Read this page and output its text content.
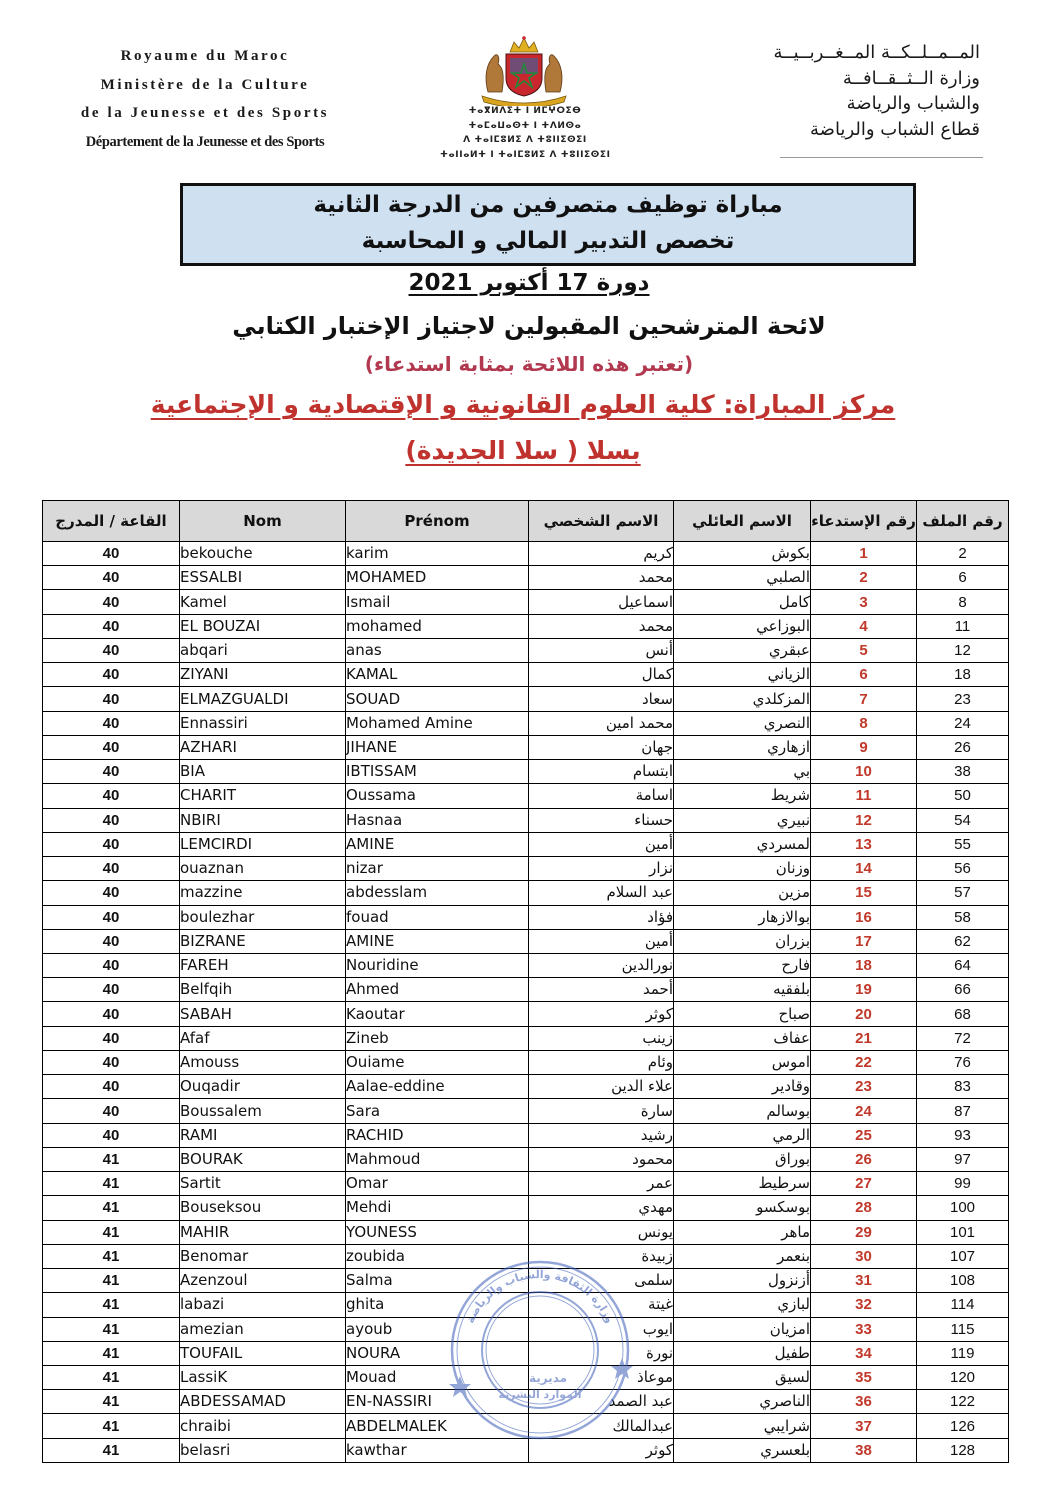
Royaume du Maroc
Ministère de la Culture
de la Jeunesse et des Sports
Département de la Jeunesse et des Sports
ⵜⴰⴳⵍⴷⵉⵜ ⵏ ⵍⵎⵖⵔⵉⴱ
ⵜⴰⵎⴰⵡⴰⵙⵜ ⵏ ⵜⴷⵍⵙⴰ
ⴷ ⵜⴰⵏⵎⵓⵍⵉ ⴷ ⵜⵓⵏⵏⵉⵙⵉⵏ
ⵜⴰⵏⵏⴰⵍⵜ ⵏ ⵜⴰⵏⵎⵓⵍⵉ ⴷ ⵜⵓⵏⵏⵉⵙⵉⵏ
المــمــلــكــة المــغــربــيــة
وزارة الــثــقــافــة
والشباب والرياضة
قطاع الشباب والرياضة
مباراة توظيف متصرفين من الدرجة الثانية
تخصص التدبير المالي و المحاسبة
دورة 17 أكتوبر 2021
لائحة المترشحين المقبولين لاجتياز الإختبار الكتابي
(تعتبر هذه اللائحة بمثابة استدعاء)
مركز المباراة: كلية العلوم القانونية و الإقتصادية و الإجتماعية
بسلا ( سلا الجديدة)
القاعة / المدرج	Nom	Prénom	الاسم الشخصي	الاسم العائلي	رقم الإستدعاء	رقم الملف
40	bekouche	karim	كريم	بكوش	1	2
40	ESSALBI	MOHAMED	محمد	الصلبي	2	6
40	Kamel	Ismail	اسماعيل	كامل	3	8
40	EL BOUZAI	mohamed	محمد	البوزاعي	4	11
40	abqari	anas	أنس	عبقري	5	12
40	ZIYANI	KAMAL	كمال	الزياني	6	18
40	ELMAZGUALDI	SOUAD	سعاد	المزكلدي	7	23
40	Ennassiri	Mohamed Amine	محمد امين	النصري	8	24
40	AZHARI	JIHANE	جهان	ازهاري	9	26
40	BIA	IBTISSAM	ابتسام	بي	10	38
40	CHARIT	Oussama	اسامة	شريط	11	50
40	NBIRI	Hasnaa	حسناء	نبيري	12	54
40	LEMCIRDI	AMINE	أمين	لمسردي	13	55
40	ouaznan	nizar	نزار	وزنان	14	56
40	mazzine	abdesslam	عبد السلام	مزين	15	57
40	boulezhar	fouad	فؤاد	بوالازهار	16	58
40	BIZRANE	AMINE	أمين	بزران	17	62
40	FAREH	Nouridine	نورالدين	فارح	18	64
40	Belfqih	Ahmed	أحمد	بلفقيه	19	66
40	SABAH	Kaoutar	كوثر	صباح	20	68
40	Afaf	Zineb	زينب	عفاف	21	72
40	Amouss	Ouiame	وئام	اموس	22	76
40	Ouqadir	Aalae-eddine	علاء الدين	وقادير	23	83
40	Boussalem	Sara	سارة	بوسالم	24	87
40	RAMI	RACHID	رشيد	الرمي	25	93
41	BOURAK	Mahmoud	محمود	بوراق	26	97
41	Sartit	Omar	عمر	سرطيط	27	99
41	Bouseksou	Mehdi	مهدي	بوسكسو	28	100
41	MAHIR	YOUNESS	يونس	ماهر	29	101
41	Benomar	zoubida	زبيدة	بنعمر	30	107
41	Azenzoul	Salma	سلمى	أزنزول	31	108
41	labazi	ghita	غيتة	لبازي	32	114
41	amezian	ayoub	ايوب	امزيان	33	115
41	TOUFAIL	NOURA	نورة	طفيل	34	119
41	LassiK	Mouad	موعاذ	لسيق	35	120
41	ABDESSAMAD	EN-NASSIRI	عبد الصمد	الناصري	36	122
41	chraibi	ABDELMALEK	عبدالمالك	شرايبي	37	126
41	belasri	kawthar	كوثر	بلعسري	38	128
وزارة الثقافة والشباب والرياضة
مديرية
الموارد البشرية
